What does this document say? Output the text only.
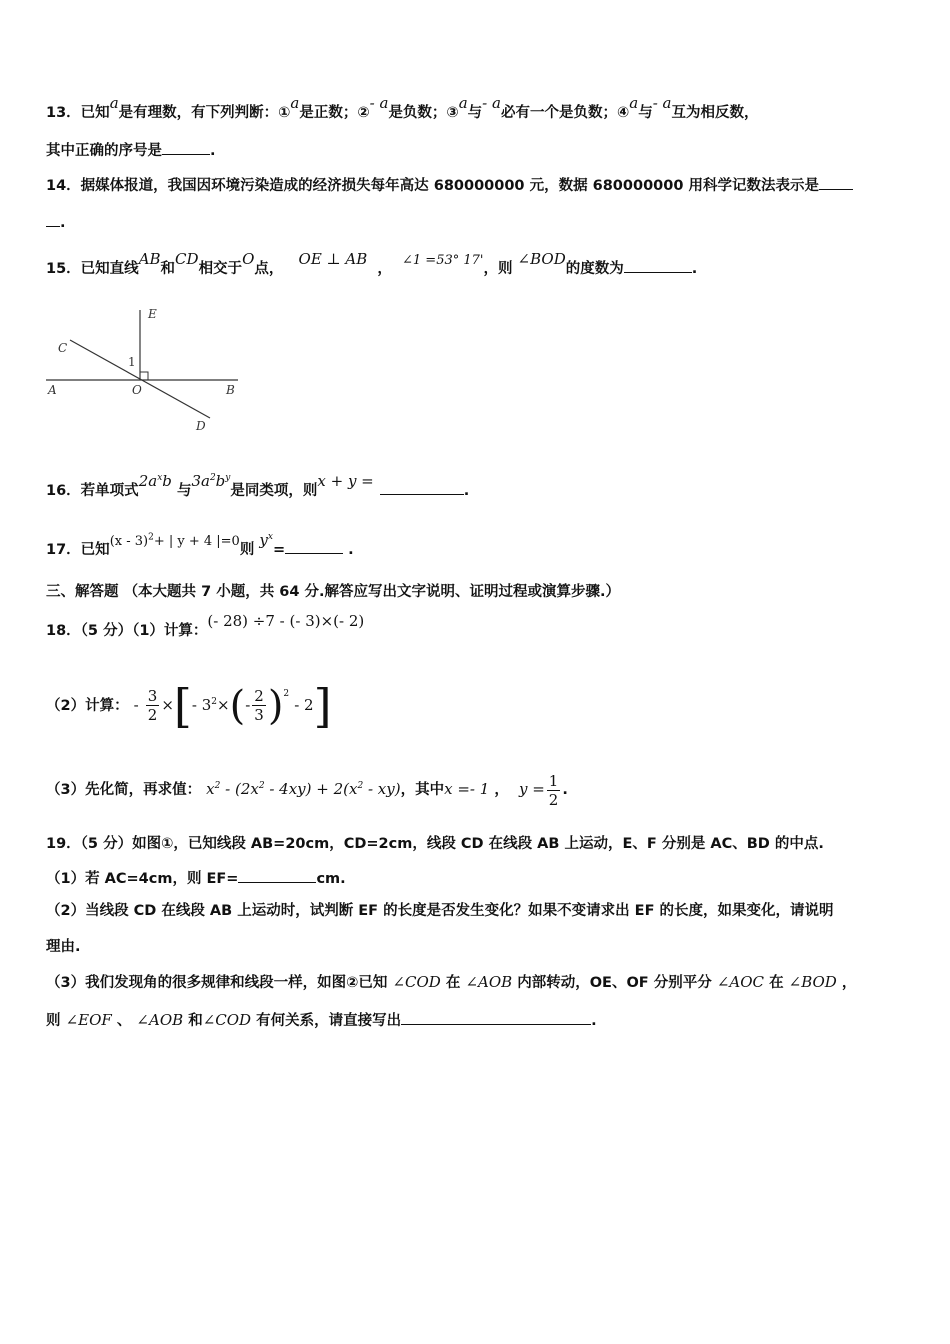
13．已知a是有理数，有下列判断：①a是正数；②- a是负数；③a与- a必有一个是负数；④a与- a互为相反数，
其中正确的序号是	.
14．据媒体报道，我国因环境污染造成的经济损失每年高达 680000000 元，数据 680000000 用科学记数法表示是
.
15．已知直线AB和CD相交于O点，   OE ⊥ AB  ，  ∠1 =53° 17'，则 ∠BOD的度数为	.
E
C
1
A	O	B
D
16．若单项式$2a^xb$ 与$3a^2b^y$是同类项，则x + y =.
17．已知(x - 3)$^2$+ | y + 4 |=0则 $y^x=$	.
三、解答题 （本大题共 7 小题，共 64 分.解答应写出文字说明、证明过程或演算步骤.）
18．（5 分）（1）计算：(- 28) ÷7 - (- 3)×(- 2)
（2）计算： - $\frac{3}{2}$ ×[- $3^2\times(- \frac{2}{3} )^2 - 2$]
（3）先化简，再求值： $x^2 - (2x^2 - 4xy) + 2(x^2 - xy)$，其中x =- 1 ， $y = \frac{1}{2}$ .
19．（5 分）如图①，已知线段 AB=20cm，CD=2cm，线段 CD 在线段 AB 上运动，E、F 分别是 AC、BD 的中点.
（1）若 AC=4cm，则 EF=	cm.
（2）当线段 CD 在线段 AB 上运动时，试判断 EF 的长度是否发生变化？如果不变请求出 EF 的长度，如果变化，请说明
理由.
（3）我们发现角的很多规律和线段一样，如图②已知 ∠COD 在 ∠AOB 内部转动，OE、OF 分别平分 ∠AOC 在 ∠BOD ，
则 ∠EOF 、 ∠AOB 和∠COD 有何关系，请直接写出	.
